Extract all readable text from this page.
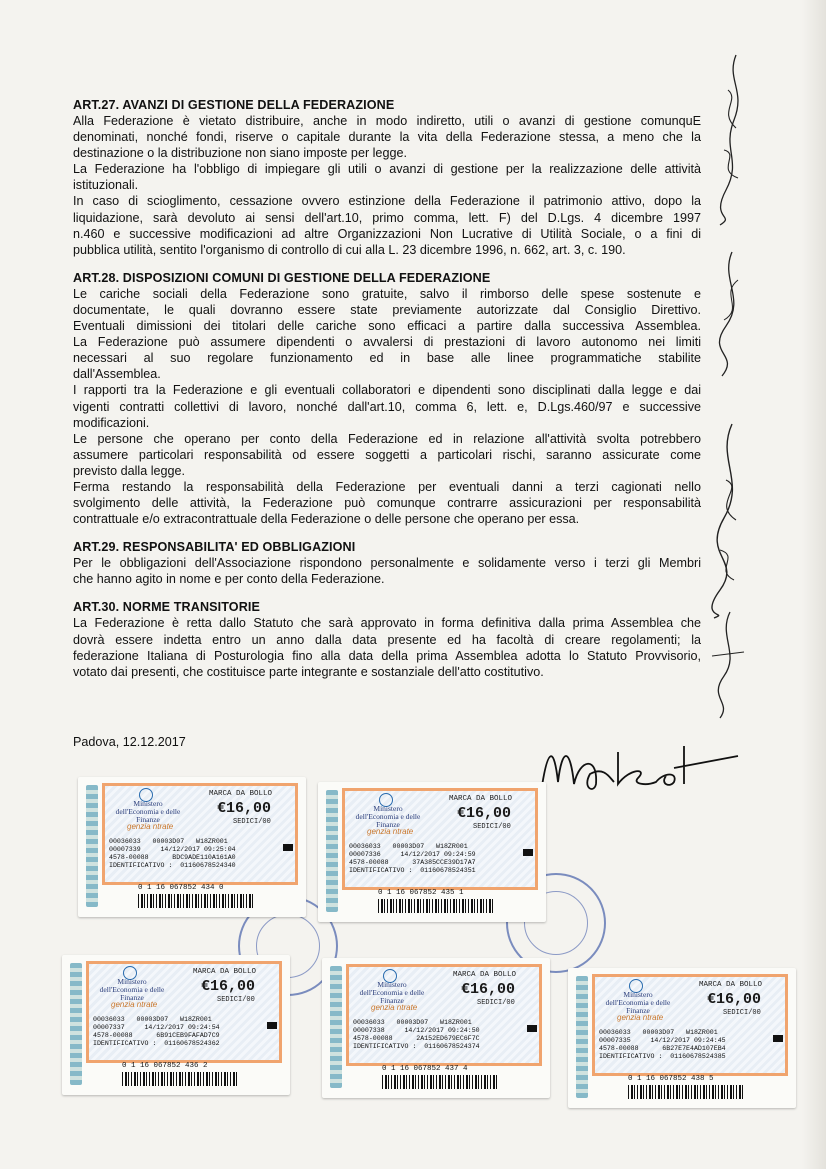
ART.27. AVANZI DI GESTIONE DELLA FEDERAZIONE

Alla Federazione è vietato distribuire, anche in modo indiretto, utili o avanzi di gestione comunquE

denominati, nonché fondi, riserve o capitale durante la vita della Federazione stessa, a meno che la

destinazione o la distribuzione non siano imposte per legge.

La Federazione ha l'obbligo di impiegare gli utili o avanzi di gestione per la realizzazione delle attività

istituzionali.

In caso di scioglimento, cessazione ovvero estinzione della Federazione il patrimonio attivo, dopo la

liquidazione, sarà devoluto ai sensi dell'art.10, primo comma, lett. F) del D.Lgs. 4 dicembre 1997

n.460 e successive modificazioni ad altre Organizzazioni Non Lucrative di Utilità Sociale, o a fini di

pubblica utilità, sentito l'organismo di controllo di cui alla L. 23 dicembre 1996, n. 662, art. 3, c. 190.

ART.28. DISPOSIZIONI COMUNI DI GESTIONE DELLA FEDERAZIONE

Le cariche sociali della Federazione sono gratuite, salvo il rimborso delle spese sostenute e

documentate, le quali dovranno essere state previamente autorizzate dal Consiglio Direttivo.

Eventuali dimissioni dei titolari delle cariche sono efficaci a partire dalla successiva Assemblea.

La Federazione può assumere dipendenti o avvalersi di prestazioni di lavoro autonomo nei limiti

necessari al suo regolare funzionamento ed in base alle linee programmatiche stabilite

dall'Assemblea.

I rapporti tra la Federazione e gli eventuali collaboratori e dipendenti sono disciplinati dalla legge e dai

vigenti contratti collettivi di lavoro, nonché dall'art.10, comma 6, lett. e, D.Lgs.460/97 e successive

modificazioni.

Le persone che operano per conto della Federazione ed in relazione all'attività svolta potrebbero

assumere particolari responsabilità od essere soggetti a particolari rischi, saranno assicurate come

previsto dalla legge.

Ferma restando la responsabilità della Federazione per eventuali danni a terzi cagionati nello

svolgimento delle attività, la Federazione può comunque contrarre assicurazioni per responsabilità

contrattuale e/o extracontrattuale della Federazione o delle persone che operano per essa.

ART.29. RESPONSABILITA' ED OBBLIGAZIONI

Per le obbligazioni dell'Associazione rispondono personalmente e solidamente verso i terzi gli Membri

che hanno agito in nome e per conto della Federazione.

ART.30. NORME TRANSITORIE

La Federazione è retta dallo Statuto che sarà approvato in forma definitiva dalla prima Assemblea che

dovrà essere indetta entro un anno dalla data presente ed ha facoltà di creare regolamenti; la

federazione Italiana di Posturologia fino alla data della prima Assemblea adotta lo Statuto Provvisorio,

votato dai presenti, che costituisce parte integrante e sostanziale dell'atto costitutivo.

Padova, 12.12.2017
Ministero dell'Economia e delle Finanze
MARCA DA BOLLO
€16,00
SEDICI/00
genzia ntrate
00036033   00003D07   W18ZR001
00007339     14/12/2017 09:25:04
4578-00088      BDC9ADE110A161A0
IDENTIFICATIVO :  01160678524340
0 1 16 067852 434 0
Ministero dell'Economia e delle Finanze
MARCA DA BOLLO
€16,00
SEDICI/00
genzia ntrate
00036033   00003D07   W18ZR001
00007336     14/12/2017 09:24:59
4578-00088      37A385CCE39D17A7
IDENTIFICATIVO :  01160678524351
0 1 16 067852 435 1
Ministero dell'Economia e delle Finanze
MARCA DA BOLLO
€16,00
SEDICI/00
genzia ntrate
00036033   00003D07   W18ZR001
00007337     14/12/2017 09:24:54
4578-00088      6B91CEB9FAFAD7C9
IDENTIFICATIVO :  01160678524362
0 1 16 067852 436 2
Ministero dell'Economia e delle Finanze
MARCA DA BOLLO
€16,00
SEDICI/00
genzia ntrate
00036033   00003D07   W18ZR001
00007338     14/12/2017 09:24:50
4578-00088      2A152ED679EC6F7C
IDENTIFICATIVO :  01160678524374
0 1 16 067852 437 4
Ministero dell'Economia e delle Finanze
MARCA DA BOLLO
€16,00
SEDICI/00
genzia ntrate
00036033   00003D07   W18ZR001
00007335     14/12/2017 09:24:45
4578-00088      6B27E7E4AD107EB4
IDENTIFICATIVO :  01160678524385
0 1 16 067852 438 5
